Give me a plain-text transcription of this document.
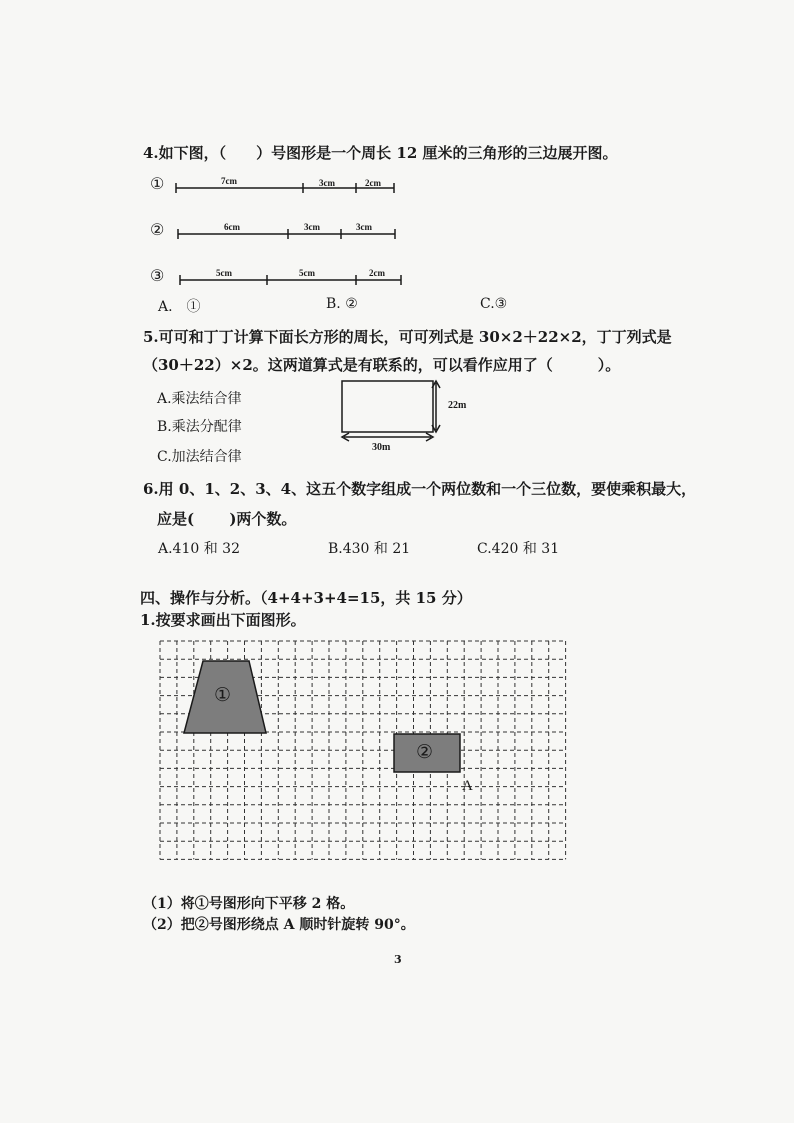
4.如下图，（　　）号图形是一个周长 12 厘米的三角形的三边展开图。
①	7cm	3cm	2cm
②	6cm	3cm	3cm
③	5cm	5cm	2cm
A.　①	B. ②	C.③
5.可可和丁丁计算下面长方形的周长，可可列式是 30×2＋22×2，丁丁列式是
（30＋22）×2。这两道算式是有联系的，可以看作应用了（　　　）。
A.乘法结合律
B.乘法分配律
C.加法结合律
22m
30m
6.用 0、1、2、3、4、这五个数字组成一个两位数和一个三位数，要使乘积最大，
应是(　　 )两个数。
A.410 和 32	B.430 和 21	C.420 和 31
四、操作与分析。（4+4+3+4=15，共 15 分）
1.按要求画出下面图形。
①
②
A
（1）将①号图形向下平移 2 格。
（2）把②号图形绕点 A 顺时针旋转 90°。
3
